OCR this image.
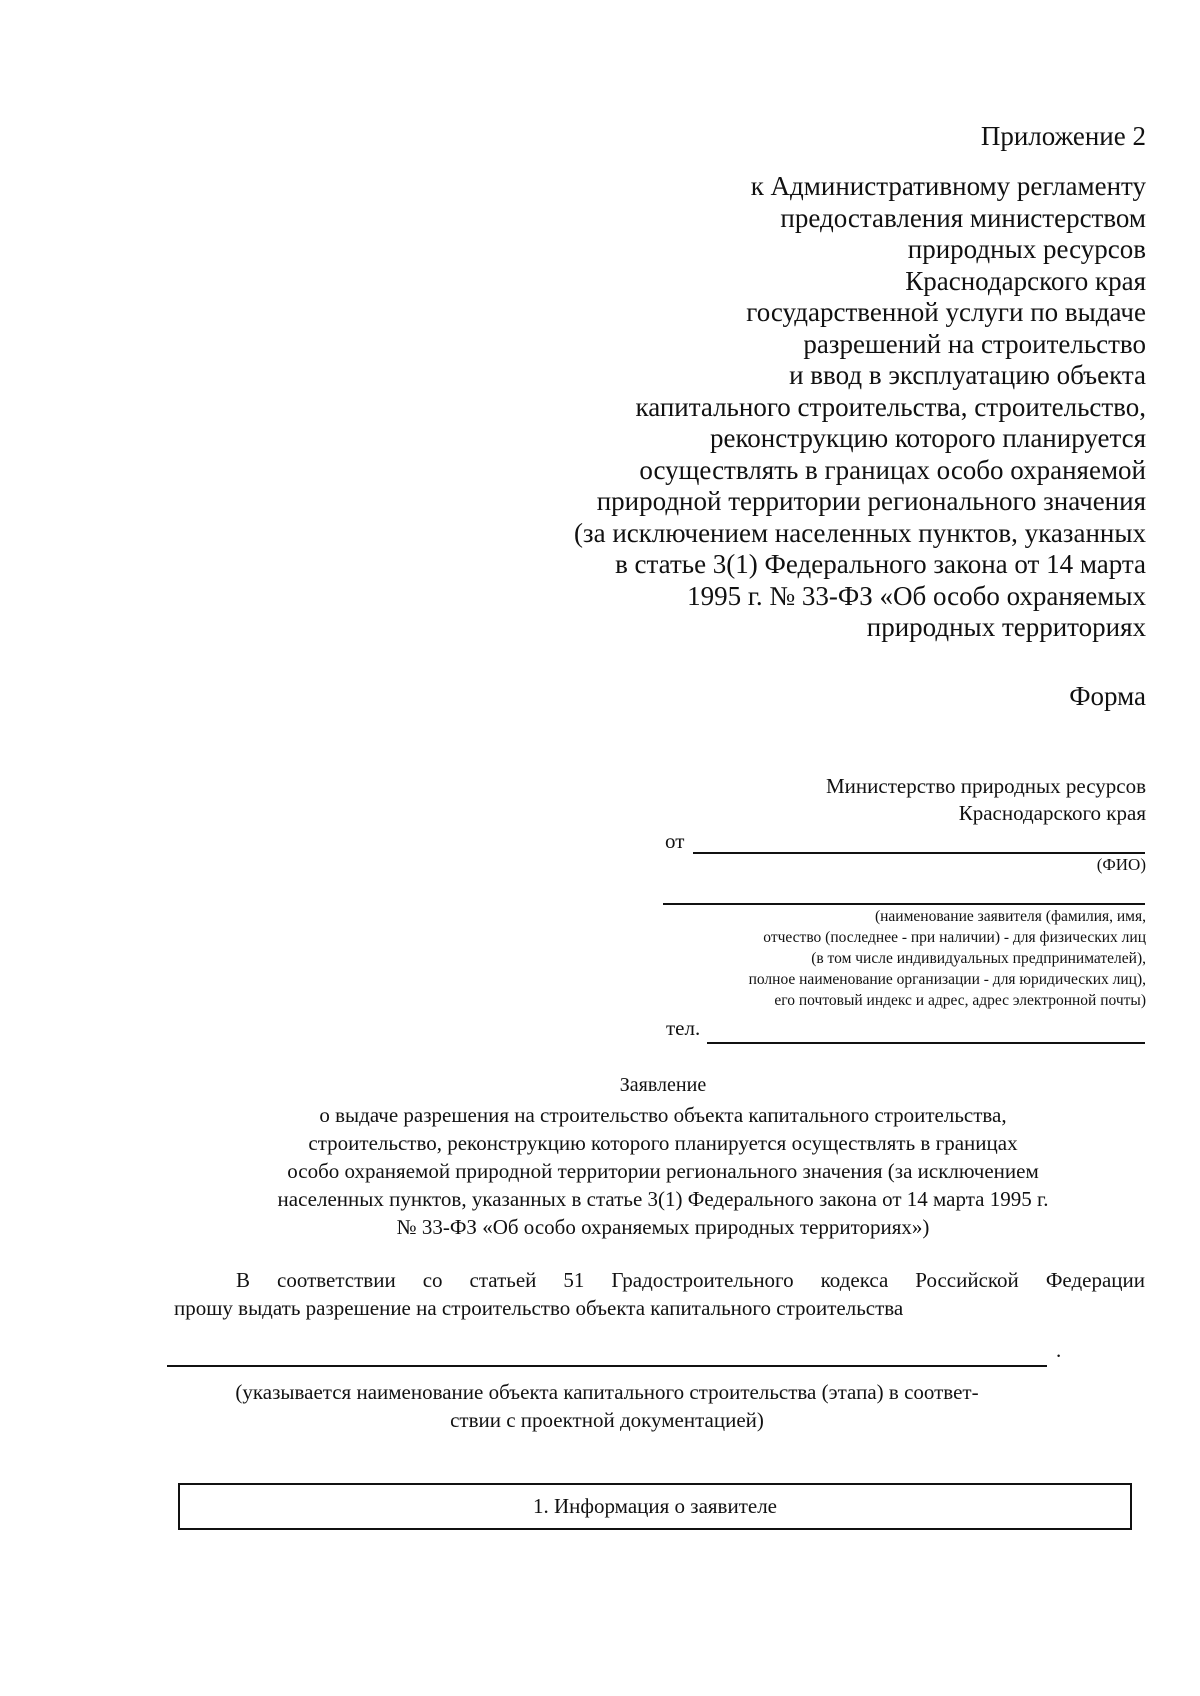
Приложение 2
к Административному регламенту
предоставления министерством
природных ресурсов
Краснодарского края
государственной услуги по выдаче
разрешений на строительство
и ввод в эксплуатацию объекта
капитального строительства, строительство,
реконструкцию которого планируется
осуществлять в границах особо охраняемой
природной территории регионального значения
(за исключением населенных пунктов, указанных
в статье 3(1) Федерального закона от 14 марта
1995 г. № 33-ФЗ «Об особо охраняемых
природных территориях
Форма
Министерство природных ресурсов
Краснодарского края
от
(ФИО)
(наименование заявителя (фамилия, имя,
отчество (последнее - при наличии) - для физических лиц
(в том числе индивидуальных предпринимателей),
полное наименование организации - для юридических лиц),
его почтовый индекс и адрес, адрес электронной почты)
тел.
Заявление
о выдаче разрешения на строительство объекта капитального строительства,
строительство, реконструкцию которого планируется осуществлять в границах
особо охраняемой природной территории регионального значения (за исключением
населенных пунктов, указанных в статье 3(1) Федерального закона от 14 марта 1995 г.
№ 33-ФЗ «Об особо охраняемых природных территориях»)
В соответствии со статьей 51 Градостроительного кодекса Российской Федерации
прошу выдать разрешение на строительство объекта капитального строительства
.
(указывается наименование объекта капитального строительства (этапа) в соответ-
ствии с проектной документацией)
1. Информация о заявителе
